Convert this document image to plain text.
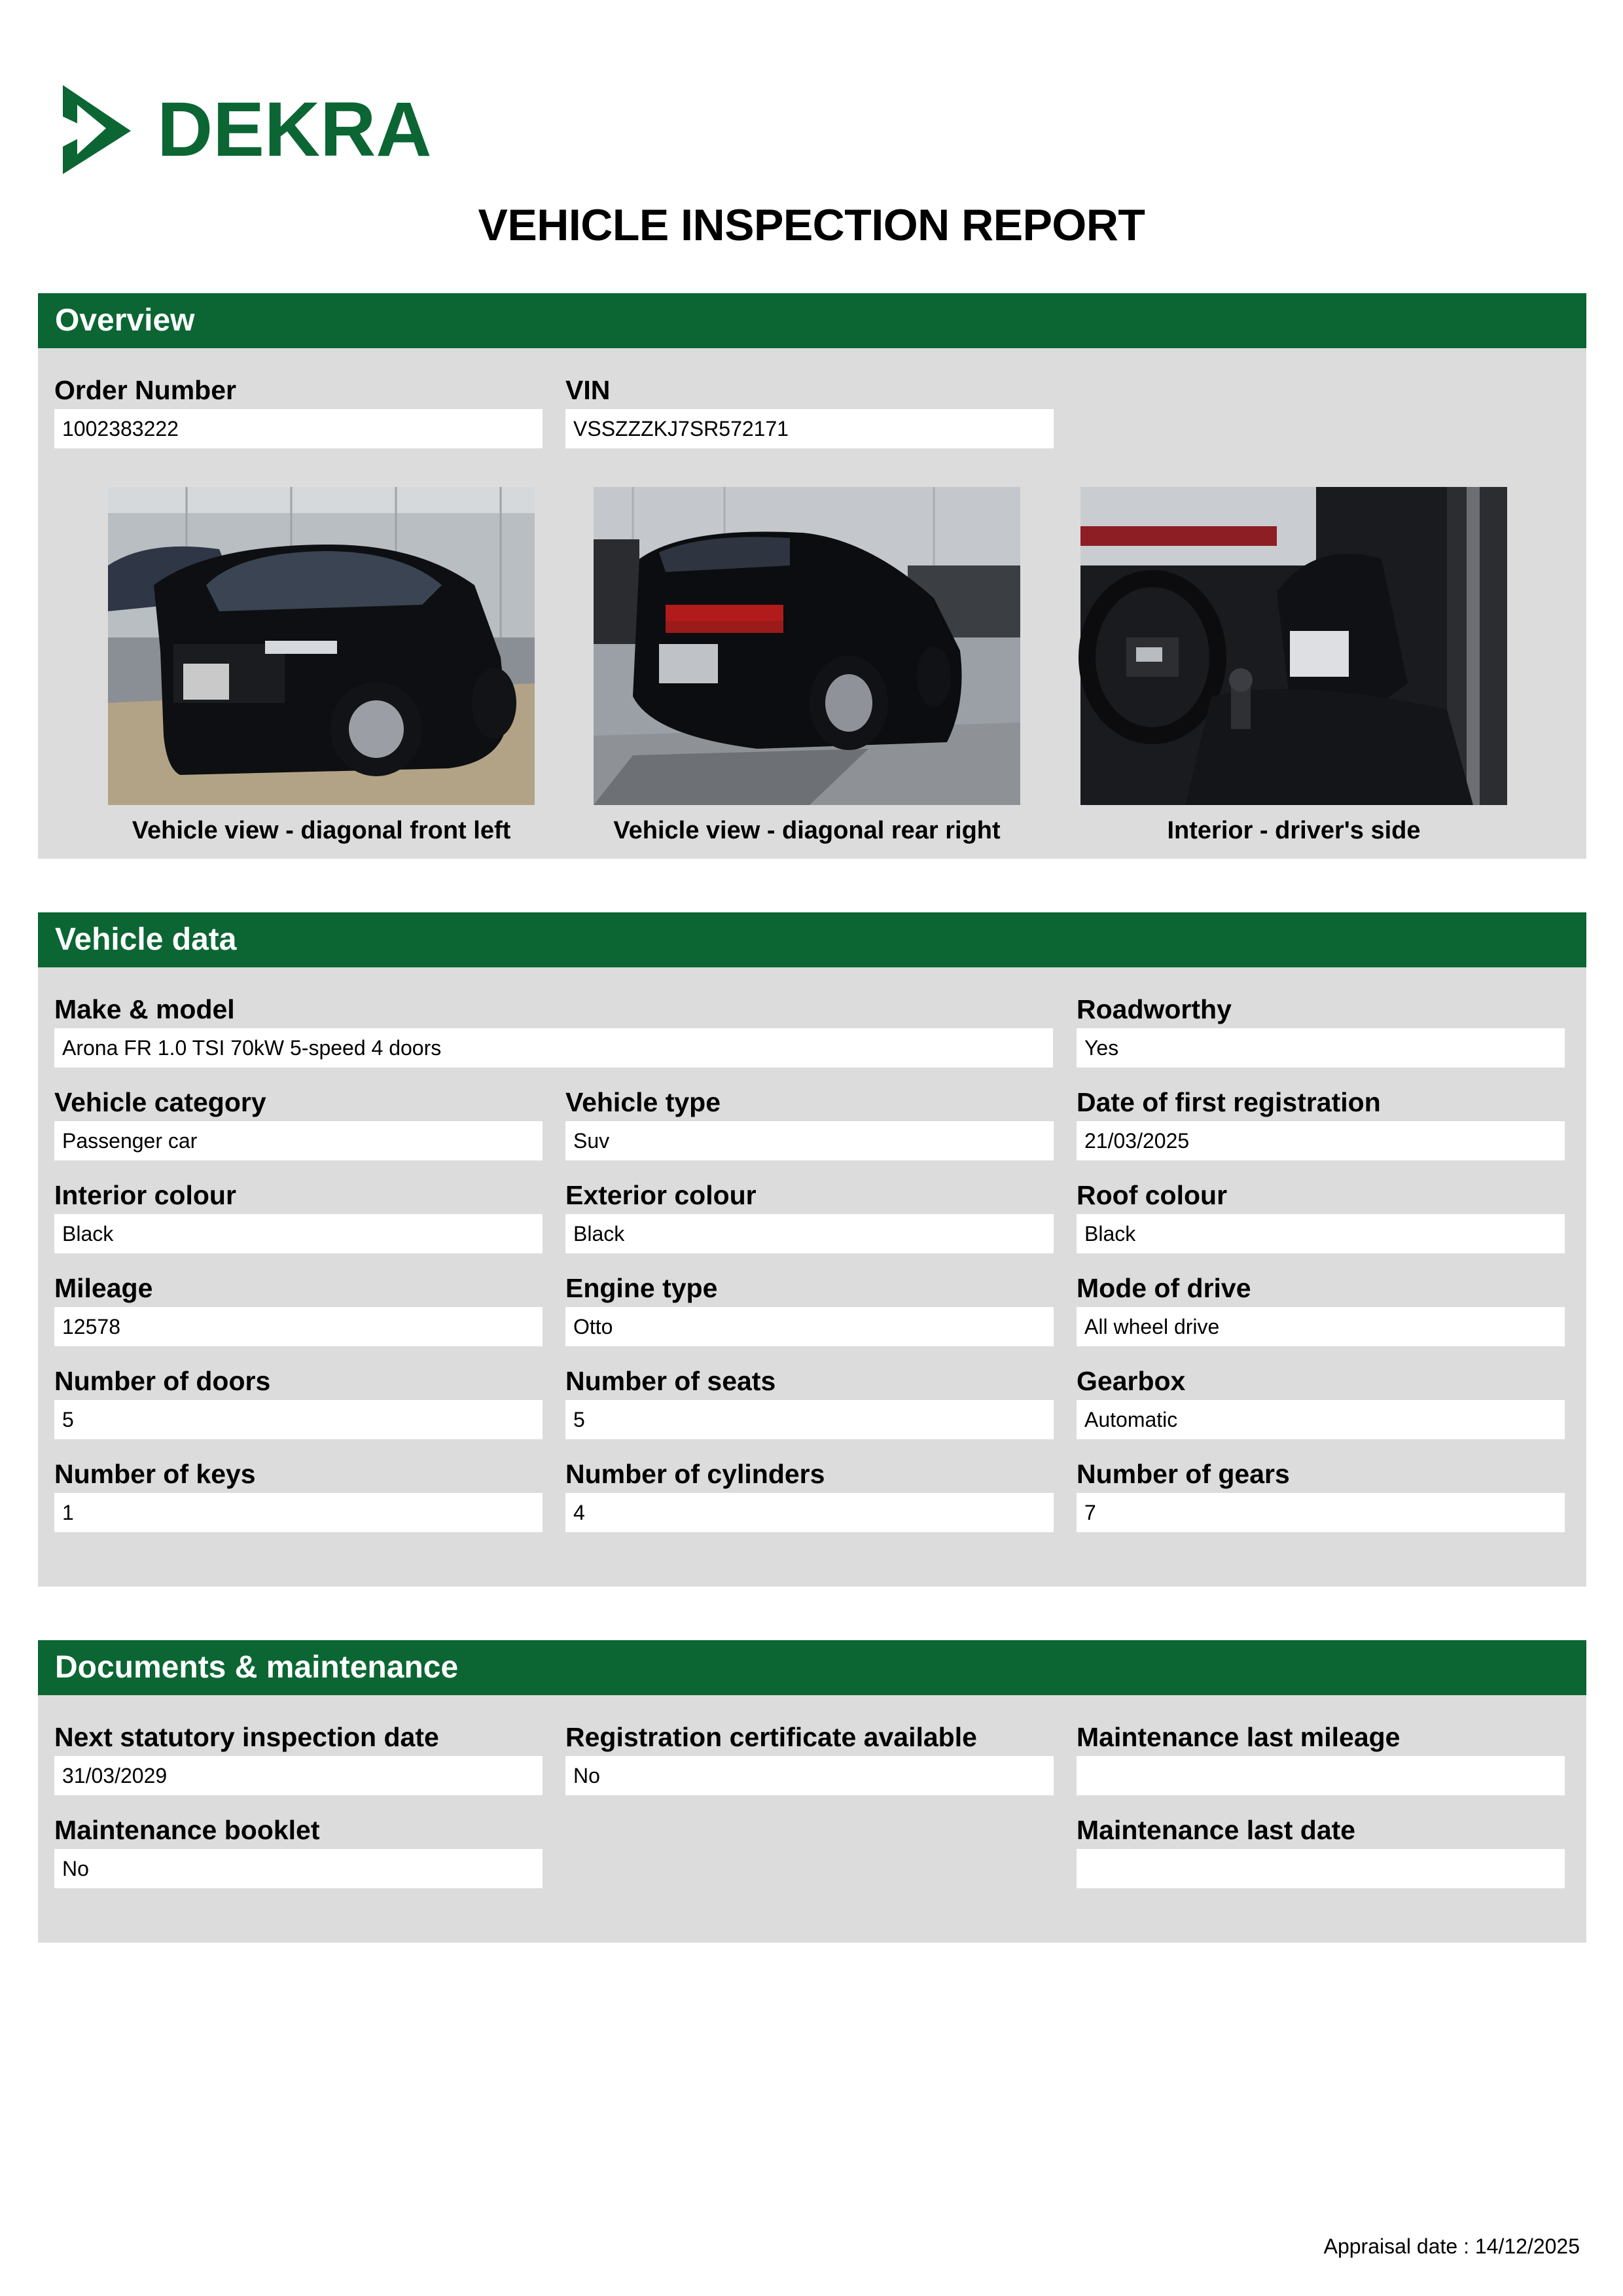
DEKRA
VEHICLE INSPECTION REPORT
Overview
Order Number
1002383222
VIN
VSSZZZKJ7SR572171
Vehicle view - diagonal front left	Vehicle view - diagonal rear right	Interior - driver's side
Vehicle data
Make & model
Arona FR 1.0 TSI 70kW 5-speed 4 doors
Roadworthy
Yes
Vehicle category
Passenger car
Vehicle type
Suv
Date of first registration
21/03/2025
Interior colour
Black
Exterior colour
Black
Roof colour
Black
Mileage
12578
Engine type
Otto
Mode of drive
All wheel drive
Number of doors
5
Number of seats
5
Gearbox
Automatic
Number of keys
1
Number of cylinders
4
Number of gears
7
Documents & maintenance
Next statutory inspection date
31/03/2029
Registration certificate available
No
Maintenance last mileage
Maintenance booklet
No
Maintenance last date
Appraisal date : 14/12/2025
